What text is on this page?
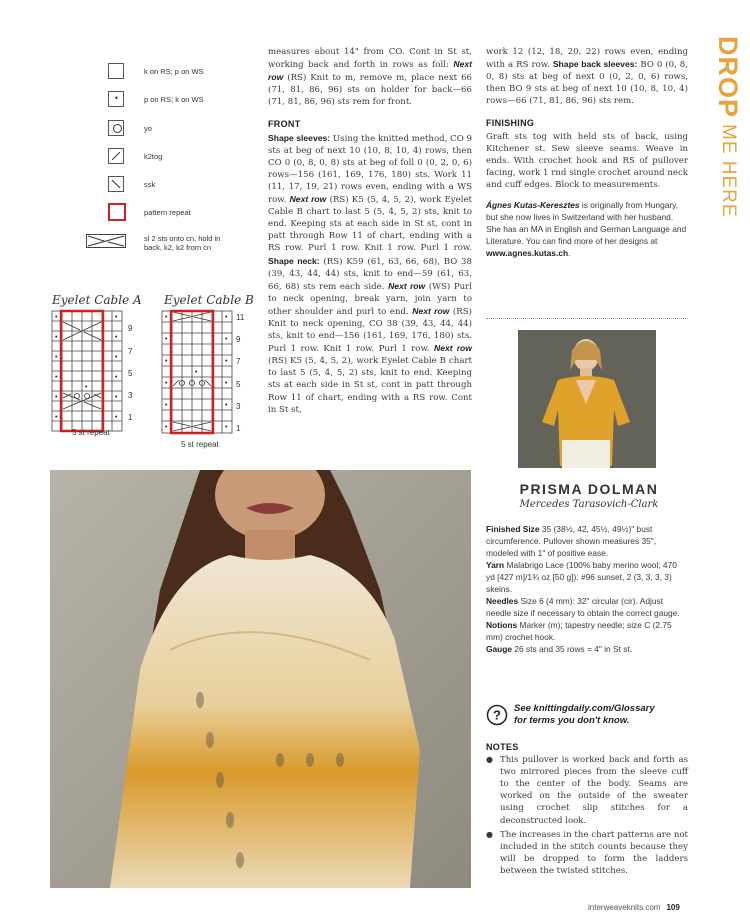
k on RS; p on WS
•	p on RS; k on WS
yo
k2tog
ssk
pattern repeat
sl 2 sts onto cn, hold in back, k2, k2 from cn
Eyelet Cable A
•
•
•
•
•
•
•
•
•
•
•
•
•
9
7
5
3
1
5 st repeat
Eyelet Cable B
•
•
•
•
•
•
•
•
•
•
•
•
•
11
9
7
5
3
1
5 st repeat

measures about 14" from CO. Cont in St st, working back and forth in rows as foll: Next row (RS) Knit to m, remove m, place next 66 (71, 81, 86, 96) sts on holder for back—66 (71, 81, 86, 96) sts rem for front.

FRONT

Shape sleeves: Using the knitted method, CO 9 sts at beg of next 10 (10, 8, 10, 4) rows, then CO 0 (0, 8, 0, 8) sts at beg of foll 0 (0, 2, 0, 6) rows—156 (161, 169, 176, 180) sts. Work 11 (11, 17, 19, 21) rows even, ending with a WS row. Next row (RS) K5 (5, 4, 5, 2), work Eyelet Cable B chart to last 5 (5, 4, 5, 2) sts, knit to end. Keeping sts at each side in St st, cont in patt through Row 11 of chart, ending with a RS row. Purl 1 row. Knit 1 row. Purl 1 row. Shape neck: (RS) K59 (61, 63, 66, 68), BO 38 (39, 43, 44, 44) sts, knit to end—59 (61, 63, 66, 68) sts rem each side. Next row (WS) Purl to neck opening, break yarn, join yarn to other shoulder and purl to end. Next row (RS) Knit to neck opening, CO 38 (39, 43, 44, 44) sts, knit to end—156 (161, 169, 176, 180) sts. Purl 1 row. Knit 1 row. Purl 1 row. Next row (RS) K5 (5, 4, 5, 2), work Eyelet Cable B chart to last 5 (5, 4, 5, 2) sts, knit to end. Keeping sts at each side in St st, cont in patt through Row 11 of chart, ending with a RS row. Cont in St st,

work 12 (12, 18, 20, 22) rows even, ending with a RS row. Shape back sleeves: BO 0 (0, 8, 0, 8) sts at beg of next 0 (0, 2, 0, 6) rows, then BO 9 sts at beg of next 10 (10, 8, 10, 4) rows—66 (71, 81, 86, 96) sts rem.

FINISHING

Graft sts tog with held sts of back, using Kitchener st. Sew sleeve seams. Weave in ends. With crochet hook and RS of pullover facing, work 1 rnd single crochet around neck and cuff edges. Block to measurements.

Ágnes Kutas-Keresztes is originally from Hungary, but she now lives in Switzerland with her husband. She has an MA in English and German Language and Literature. You can find more of her designs at www.agnes.kutas.ch.

DROPME HERE
PRISMA DOLMAN
Mercedes Tarasovich-Clark

Finished Size 35 (38½, 42, 45½, 49½)" bust circumference. Pullover shown measures 35", modeled with 1" of positive ease.

Yarn Malabrigo Lace (100% baby merino wool; 470 yd [427 m]/1¾ oz [50 g]): #96 sunset, 2 (3, 3, 3, 3) skeins.

Needles Size 6 (4 mm): 32" circular (cir). Adjust needle size if necessary to obtain the correct gauge.

Notions Marker (m); tapestry needle; size C (2.75 mm) crochet hook.

Gauge 26 sts and 35 rows = 4" in St st.

? See knittingdaily.com/Glossary
for terms you don't know.

NOTES

● This pullover is worked back and forth as two mirrored pieces from the sleeve cuff to the center of the body. Seams are worked on the outside of the sweater using crochet slip stitches for a deconstructed look.
● The increases in the chart patterns are not included in the stitch counts because they will be dropped to form the ladders between the twisted stitches.
interweaveknits.com 109
